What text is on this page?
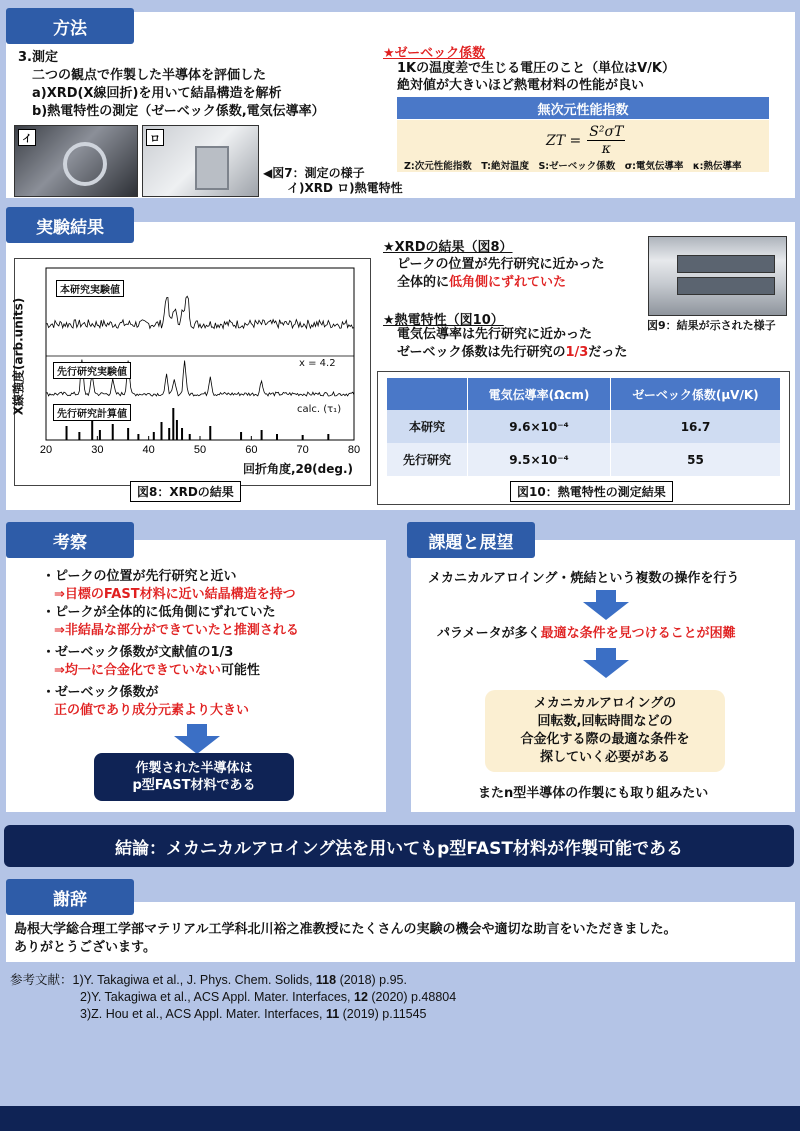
方法
3.測定
二つの観点で作製した半導体を評価した
a)XRD(X線回折)を用いて結晶構造を解析
b)熱電特性の測定（ゼーベック係数,電気伝導率）
イ	ロ
◀図7：測定の様子
イ)XRD ロ)熱電特性
★ゼーベック係数
1Kの温度差で生じる電圧のこと（単位はV/K）
絶対値が大きいほど熱電材料の性能が良い
無次元性能指数
ZT = $\frac{\text{S²σT}}{\kappa}$
Z:次元性能指数　T:絶対温度　S:ゼーベック係数　σ:電気伝導率　κ:熱伝導率
実験結果
20	30	40	50	60	70	80
X線強度(arb.units)
本研究実験値
先行研究実験値
x = 4.2
先行研究計算値	calc. (τ₁)
回折角度,2θ(deg.)
図8：XRDの結果
★XRDの結果（図8）
ピークの位置が先行研究に近かった
全体的に低角側にずれていた
★熱電特性（図10）
電気伝導率は先行研究に近かった
ゼーベック係数は先行研究の1/3だった
図9：結果が示された様子
	電気伝導率(Ωcm)	ゼーベック係数(μV/K)
本研究	9.6×10⁻⁴	16.7
先行研究	9.5×10⁻⁴	55
図10：熱電特性の測定結果
考察
・ピークの位置が先行研究と近い
⇒目標のFAST材料に近い結晶構造を持つ
・ピークが全体的に低角側にずれていた
⇒非結晶な部分ができていたと推測される
・ゼーベック係数が文献値の1/3
⇒均一に合金化できていない可能性
・ゼーベック係数が
正の値であり成分元素より大きい
作製された半導体は
p型FAST材料である
課題と展望
メカニカルアロイング・焼結という複数の操作を行う
パラメータが多く最適な条件を見つけることが困難
メカニカルアロイングの
回転数,回転時間などの
合金化する際の最適な条件を
探していく必要がある
またn型半導体の作製にも取り組みたい
結論：メカニカルアロイング法を用いてもp型FAST材料が作製可能である
謝辞
島根大学総合理工学部マテリアル工学科北川裕之准教授にたくさんの実験の機会や適切な助言をいただきました。
ありがとうございます。
参考文献：1)Y. Takagiwa et al., J. Phys. Chem. Solids, 118 (2018) p.95.
2)Y. Takagiwa et al., ACS Appl. Mater. Interfaces, 12 (2020) p.48804
3)Z. Hou et al., ACS Appl. Mater. Interfaces, 11 (2019) p.11545
